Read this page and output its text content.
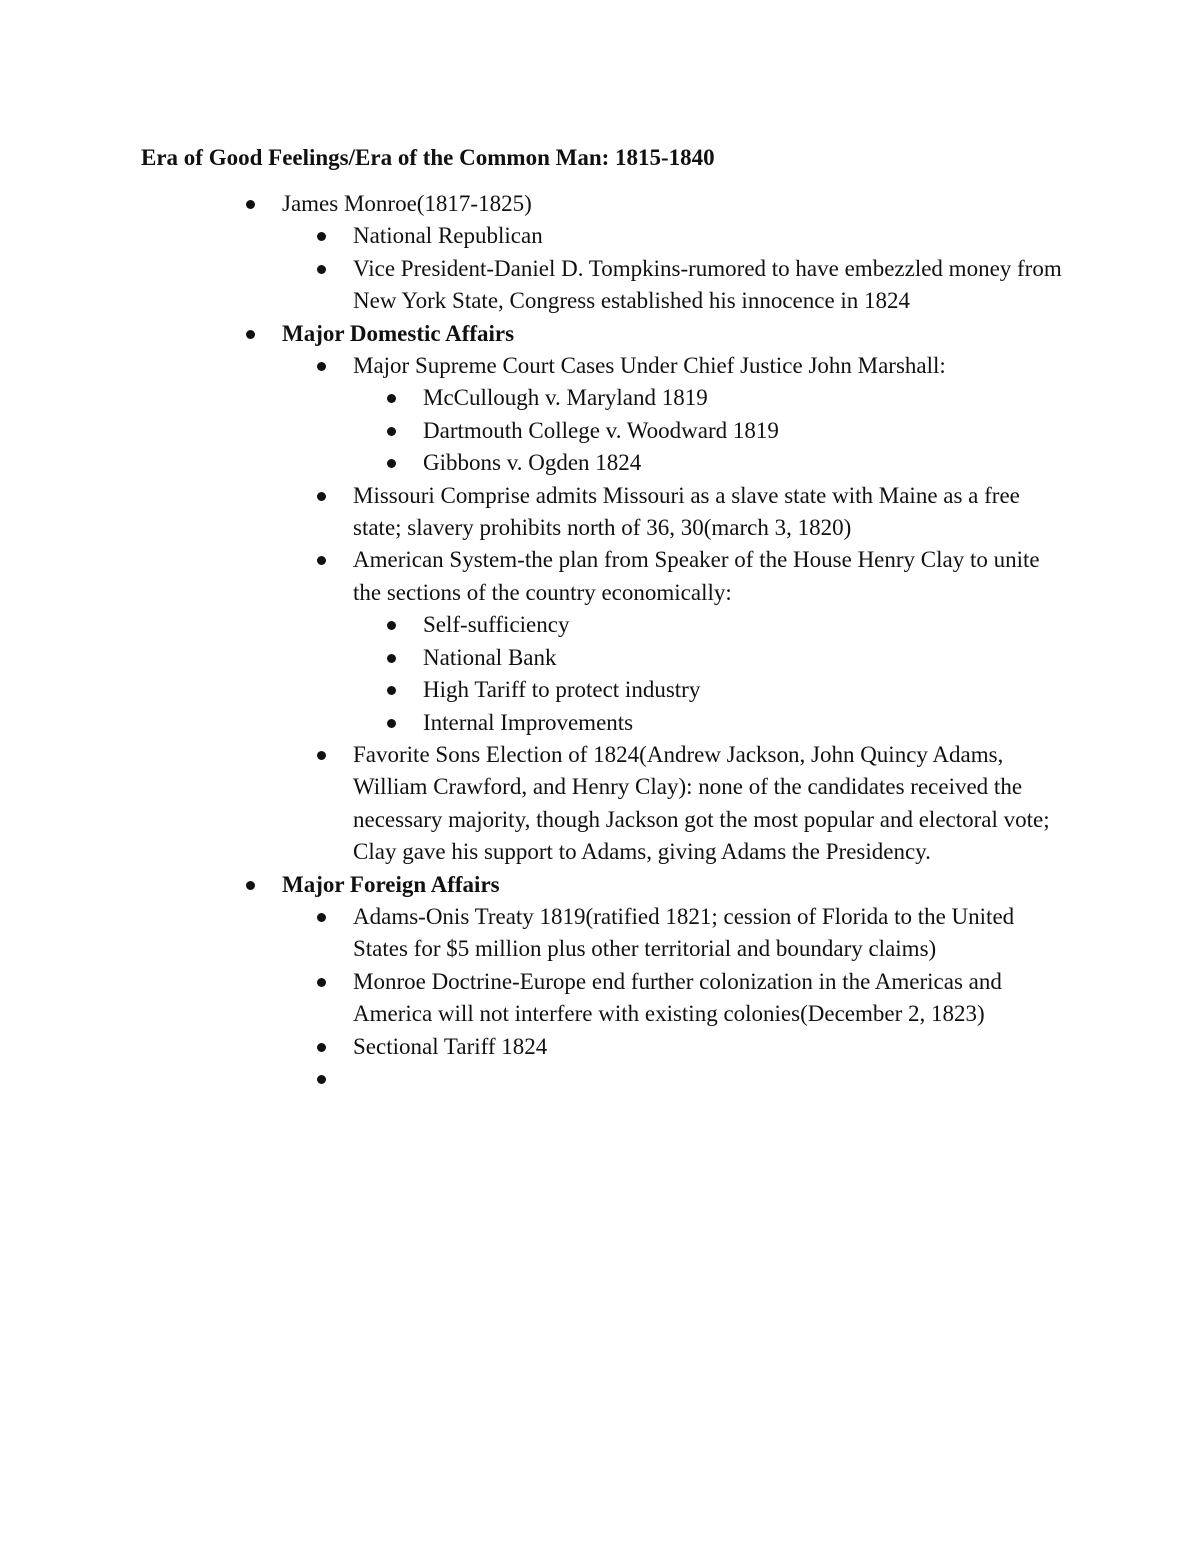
Era of Good Feelings/Era of the Common Man: 1815-1840
James Monroe(1817-1825)
National Republican
Vice President-Daniel D. Tompkins-rumored to have embezzled money from New York State, Congress established his innocence in 1824
Major Domestic Affairs
Major Supreme Court Cases Under Chief Justice John Marshall:
McCullough v. Maryland 1819
Dartmouth College v. Woodward 1819
Gibbons v. Ogden 1824
Missouri Comprise admits Missouri as a slave state with Maine as a free state; slavery prohibits north of 36, 30(march 3, 1820)
American System-the plan from Speaker of the House Henry Clay to unite the sections of the country economically:
Self-sufficiency
National Bank
High Tariff to protect industry
Internal Improvements
Favorite Sons Election of 1824(Andrew Jackson, John Quincy Adams, William Crawford, and Henry Clay): none of the candidates received the necessary majority, though Jackson got the most popular and electoral vote; Clay gave his support to Adams, giving Adams the Presidency.
Major Foreign Affairs
Adams-Onis Treaty 1819(ratified 1821; cession of Florida to the United States for $5 million plus other territorial and boundary claims)
Monroe Doctrine-Europe end further colonization in the Americas and America will not interfere with existing colonies(December 2, 1823)
Sectional Tariff 1824
